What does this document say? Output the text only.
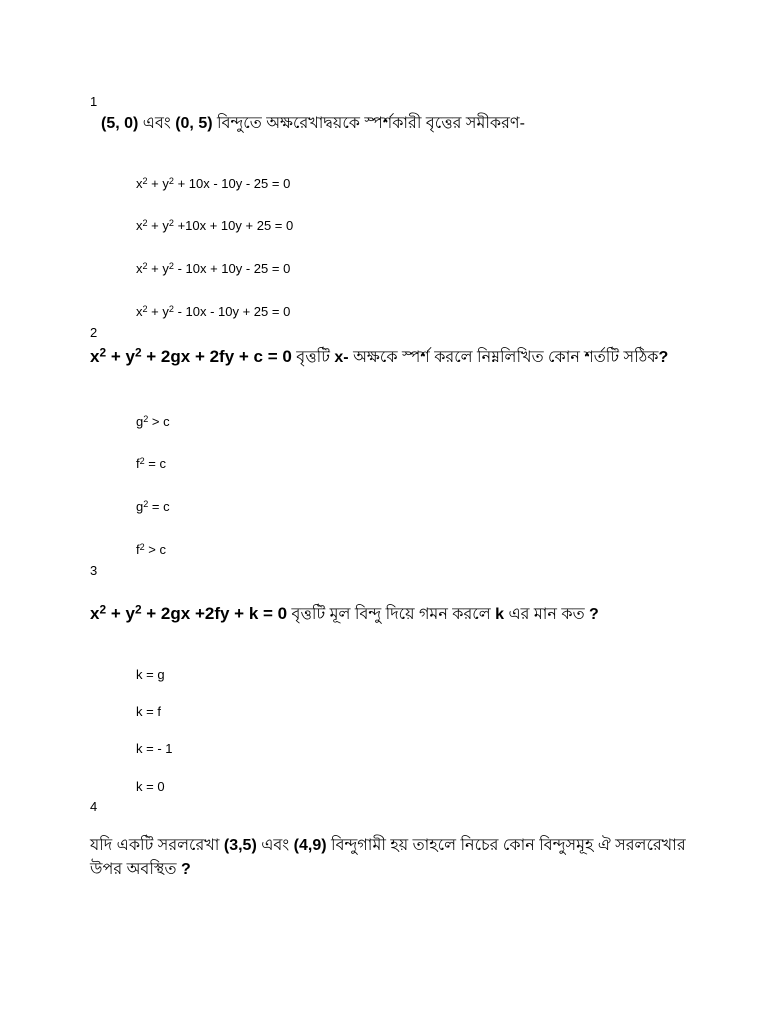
1
(5, 0) এবং (0, 5) বিন্দুতে অক্ষরেখাদ্বয়কে স্পর্শকারী বৃত্তের সমীকরণ-
$x^2 + y^2 + 10x - 10y - 25 = 0$
$x^2 + y^2 +10x + 10y + 25 = 0$
$x^2 + y^2 - 10x + 10y - 25 = 0$
$x^2 + y^2 - 10x - 10y + 25 = 0$
2
$x^2 + y^2 + 2gx + 2fy + c = 0$ বৃত্তটি x- অক্ষকে স্পর্শ করলে নিম্নলিখিত কোন শর্তটি সঠিক?
$g^2 > c$
$f^2 = c$
$g^2 = c$
$f^2 > c$
3
$x^2 + y^2 + 2gx +2fy + k = 0$ বৃত্তটি মূল বিন্দু দিয়ে গমন করলে k এর মান কত ?
k = g
k = f
k = - 1
k = 0
4
যদি একটি সরলরেখা (3,5) এবং (4,9) বিন্দুগামী হয় তাহলে নিচের কোন বিন্দুসমূহ ঐ সরলরেখার উপর অবস্থিত ?
